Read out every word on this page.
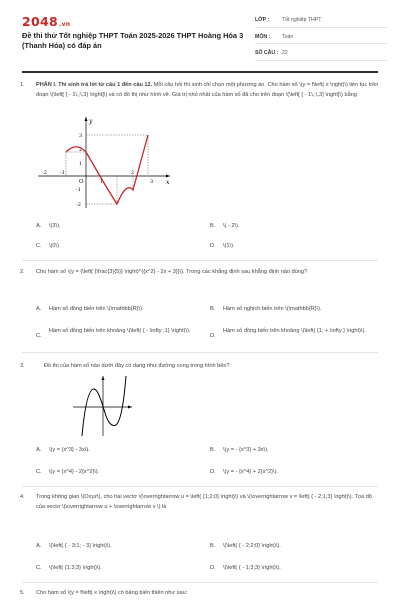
2048.vn
Đề thi thử Tốt nghiệp THPT Toán 2025-2026 THPT Hoàng Hóa 3 (Thanh Hóa) có đáp án
LỚP :	Tốt nghiệp THPT
MÔN :	Toán
SỐ CÂU : 22
1.	PHẦN I. Thí sinh trả lời từ câu 1 đến câu 12. Mỗi câu hỏi thí sinh chỉ chọn một phương án. Cho hàm số \(y = f\left( x \right)\) liên tục trên đoạn \(\left[ { - 1\,;\,3} \right]\) và có đồ thị như hình vẽ. Giá trị nhỏ nhất của hàm số đã cho trên đoạn \(\left[ { - 1\,;\,3} \right]\) bằng
y
x
O
-2	-1
1
2
3
3
2
1
-1
-2
A. \(3\).	B. \( - 2\).
C. \(0\).	D. \(1\).
2.	Cho hàm số \(y = {\left( {\frac{3}{5}} \right)^{{x^2} - 2x + 3}}\). Trong các khẳng định sau khẳng định nào đúng?
A. Hàm số đồng biến trên \(\mathbb{R}\).	B. Hàm số nghịch biến trên \(\mathbb{R}\).
C.
Hàm số đồng biến trên khoảng \(\left( { - \infty ;1} \right)\).
D.
Hàm số đồng biến trên khoảng \(\left( {1; + \infty } \right)\).
3.	Đồ thị của hàm số nào dưới đây có dạng như đường cong trong hình bên?
A. \(y = {x^3} - 3x\).	B. \(y = - {x^3} + 3x\).
C. \(y = {x^4} - 2{x^2}\).	D. \(y = - {x^4} + 2{x^2}\).
4.	Trong không gian \(Oxyz\), cho hai vectơ \(\overrightarrow u = \left( {1;2;0} \right)\) và \(\overrightarrow v = \left( { - 2;1;3} \right)\). Tọa độ của vectơ \(\overrightarrow u + \overrightarrow v \) là
A. \(\left( { - 3;1; - 3} \right)\).	B. \(\left( { - 2;2;0} \right)\).
C. \(\left( {1;3;3} \right)\).	D. \(\left( { - 1;3;3} \right)\).
5.	Cho hàm số \(y = f\left( x \right)\) có bảng biến thiên như sau:
